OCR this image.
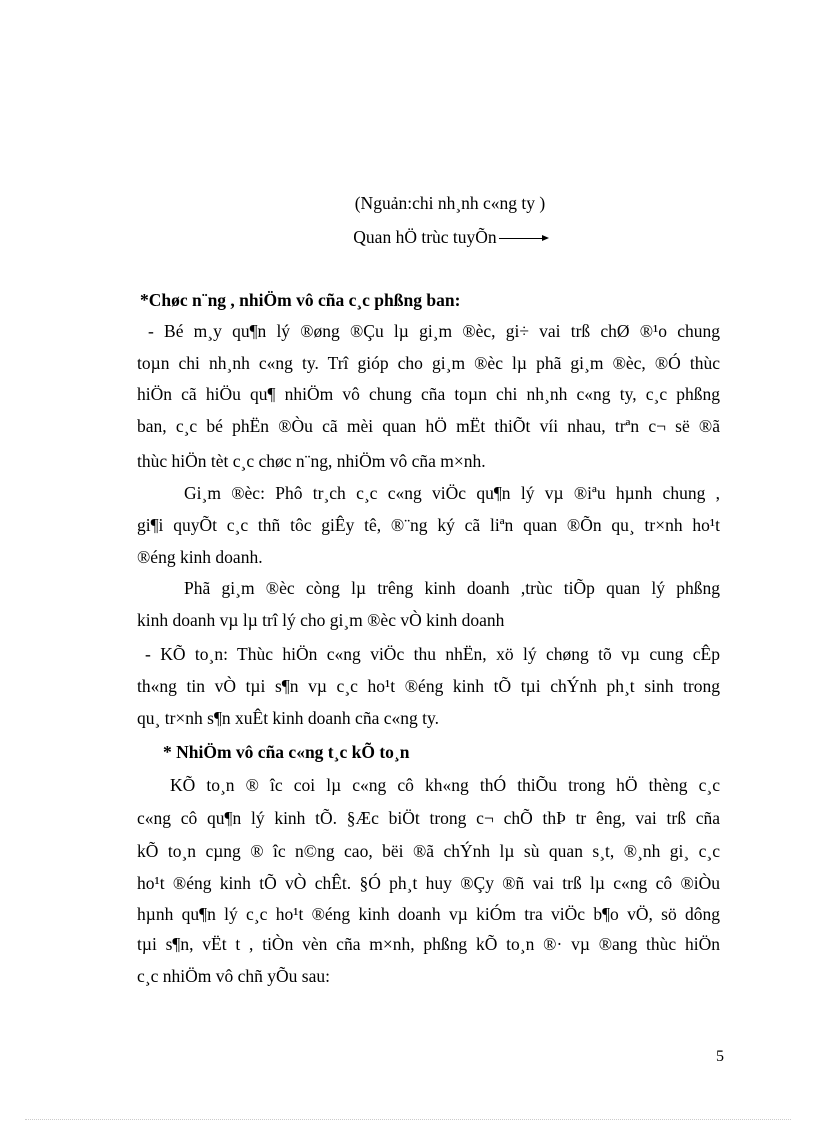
(Nguản:chi nh¸nh c«ng ty )
Quan hÖ trùc tuyÕn
*Chøc n¨ng , nhiÖm vô cña c¸c phßng ban:
- Bé m¸y qu¶n lý ®øng ®Çu lµ gi¸m ®èc, gi÷ vai trß chØ ®¹o chung
toµn chi nh¸nh c«ng ty. Trî gióp cho gi¸m ®èc lµ phã gi¸m ®èc, ®Ó thùc
hiÖn cã hiÖu qu¶ nhiÖm vô chung cña toµn chi nh¸nh c«ng ty, c¸c phßng
ban, c¸c bé phËn ®Òu cã mèi quan hÖ mËt thiÕt víi nhau, trªn c¬ së ®ã
thùc hiÖn tèt c¸c chøc n¨ng, nhiÖm vô cña m×nh.
Gi¸m ®èc: Phô tr¸ch c¸c c«ng viÖc qu¶n lý vµ ®iªu hµnh chung ,
gi¶i quyÕt c¸c thñ tôc giÊy tê, ®¨ng ký cã liªn quan ®Õn qu¸ tr×nh ho¹t
®éng kinh doanh.
Phã gi¸m ®èc còng lµ trêng kinh doanh ,trùc tiÕp quan lý phßng
kinh doanh vµ lµ trî lý cho gi¸m ®èc vÒ kinh doanh
- KÕ to¸n: Thùc hiÖn c«ng viÖc thu nhËn, xö lý chøng tõ vµ cung cÊp
th«ng tin vÒ tµi s¶n vµ c¸c ho¹t ®éng kinh tÕ tµi chÝnh ph¸t sinh trong
qu¸ tr×nh s¶n xuÊt kinh doanh cña c«ng ty.
* NhiÖm vô cña c«ng t¸c kÕ to¸n
KÕ to¸n ® îc coi lµ c«ng cô kh«ng thÓ thiÕu trong hÖ thèng c¸c
c«ng cô qu¶n lý kinh tÕ. §Æc biÖt trong c¬ chÕ thÞ tr êng, vai trß cña
kÕ to¸n cµng ® îc n©ng cao, bëi ®ã chÝnh lµ sù quan s¸t, ®¸nh gi¸ c¸c
ho¹t ®éng kinh tÕ vÒ chÊt. §Ó ph¸t huy ®Çy ®ñ vai trß lµ c«ng cô ®iÒu
hµnh qu¶n lý c¸c ho¹t ®éng kinh doanh vµ kiÓm tra viÖc b¶o vÖ, sö dông
tµi s¶n, vËt t , tiÒn vèn cña m×nh, phßng kÕ to¸n ®· vµ ®ang thùc hiÖn
c¸c nhiÖm vô chñ yÕu sau:
5
